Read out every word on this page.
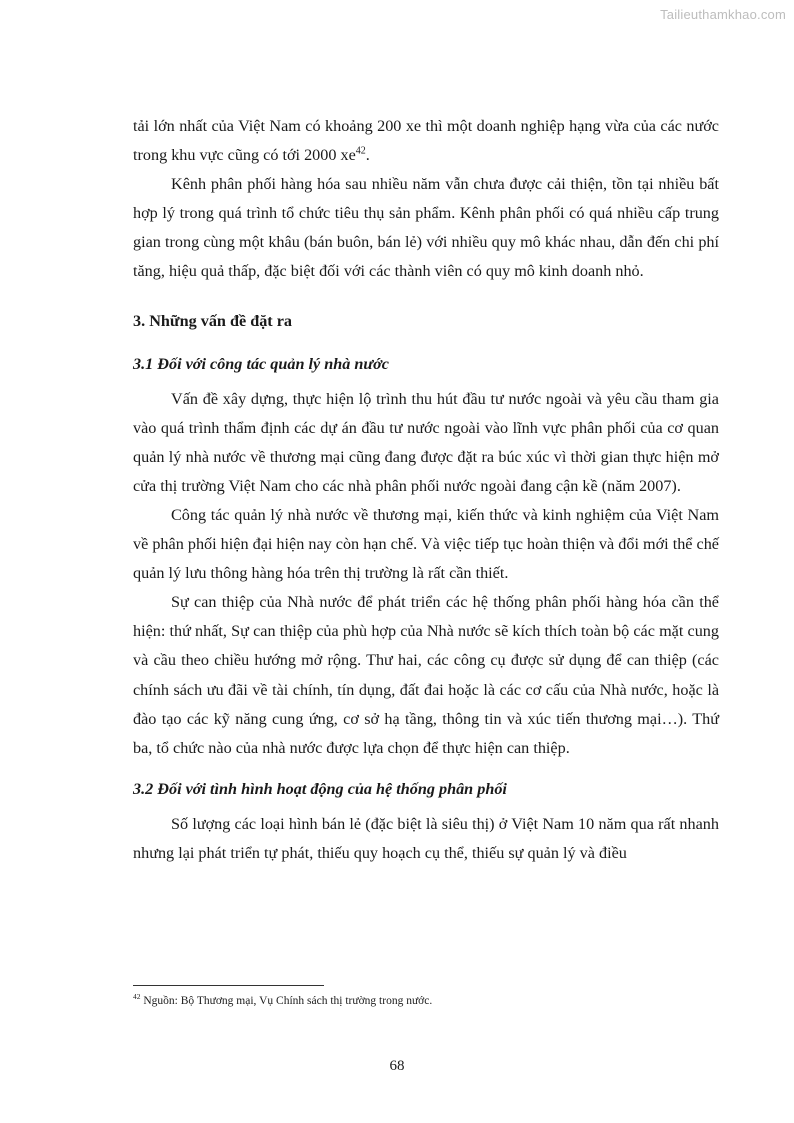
Tailieuthamkhao.com

tải lớn nhất của Việt Nam có khoảng 200 xe thì một doanh nghiệp hạng vừa của các nước trong khu vực cũng có tới 2000 $xe^{42}$.

Kênh phân phối hàng hóa sau nhiều năm vẫn chưa được cải thiện, tồn tại nhiều bất hợp lý trong quá trình tổ chức tiêu thụ sản phẩm. Kênh phân phối có quá nhiều cấp trung gian trong cùng một khâu (bán buôn, bán lẻ) với nhiều quy mô khác nhau, dẫn đến chi phí tăng, hiệu quả thấp, đặc biệt đối với các thành viên có quy mô kinh doanh nhỏ.

3. Những vấn đề đặt ra
3.1 Đối với công tác quản lý nhà nước

Vấn đề xây dựng, thực hiện lộ trình thu hút đầu tư nước ngoài và yêu cầu tham gia vào quá trình thẩm định các dự án đầu tư nước ngoài vào lĩnh vực phân phối của cơ quan quản lý nhà nước về thương mại cũng đang được đặt ra búc xúc vì thời gian thực hiện mở cửa thị trường Việt Nam cho các nhà phân phối nước ngoài đang cận kề (năm 2007).

Công tác quản lý nhà nước về thương mại, kiến thức và kinh nghiệm của Việt Nam về phân phối hiện đại hiện nay còn hạn chế. Và việc tiếp tục hoàn thiện và đổi mới thể chế quản lý lưu thông hàng hóa trên thị trường là rất cần thiết.

Sự can thiệp của Nhà nước để phát triển các hệ thống phân phối hàng hóa cần thể hiện: thứ nhất, Sự can thiệp của phù hợp của Nhà nước sẽ kích thích toàn bộ các mặt cung và cầu theo chiều hướng mở rộng. Thư hai, các công cụ được sử dụng để can thiệp (các chính sách ưu đãi về tài chính, tín dụng, đất đai hoặc là các cơ cấu của Nhà nước, hoặc là đào tạo các kỹ năng cung ứng, cơ sở hạ tầng, thông tin và xúc tiến thương mại…). Thứ ba, tổ chức nào của nhà nước được lựa chọn để thực hiện can thiệp.

3.2 Đối với tình hình hoạt động của hệ thống phân phối

Số lượng các loại hình bán lẻ (đặc biệt là siêu thị) ở Việt Nam 10 năm qua rất nhanh nhưng lại phát triển tự phát, thiếu quy hoạch cụ thể, thiếu sự quản lý và điều

$^{42}$ Nguồn: Bộ Thương mại, Vụ Chính sách thị trường trong nước.
68
